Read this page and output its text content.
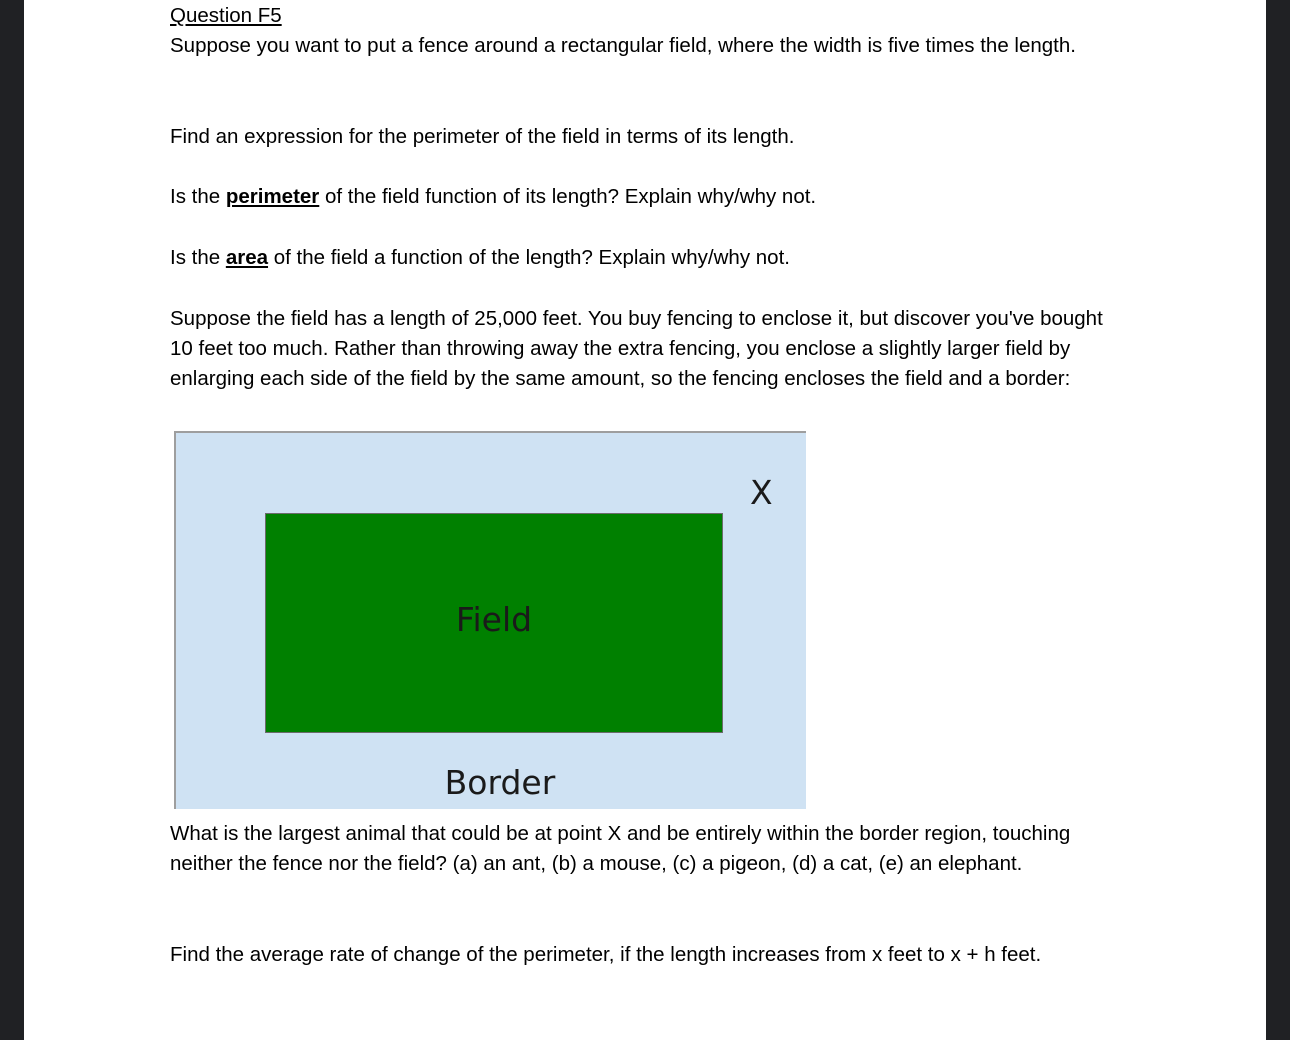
Question F5

Suppose you want to put a fence around a rectangular field, where the width is five times the length.

Find an expression for the perimeter of the field in terms of its length.

Is the perimeter of the field function of its length? Explain why/why not.

Is the area of the field a function of the length? Explain why/why not.

Suppose the field has a length of 25,000 feet. You buy fencing to enclose it, but discover you've bought 10 feet too much. Rather than throwing away the extra fencing, you enclose a slightly larger field by enlarging each side of the field by the same amount, so the fencing encloses the field and a border:

What is the largest animal that could be at point X and be entirely within the border region, touching neither the fence nor the field? (a) an ant, (b) a mouse, (c) a pigeon, (d) a cat, (e) an elephant.

Find the average rate of change of the perimeter, if the length increases from x feet to x + h feet.

Field
X
Border
